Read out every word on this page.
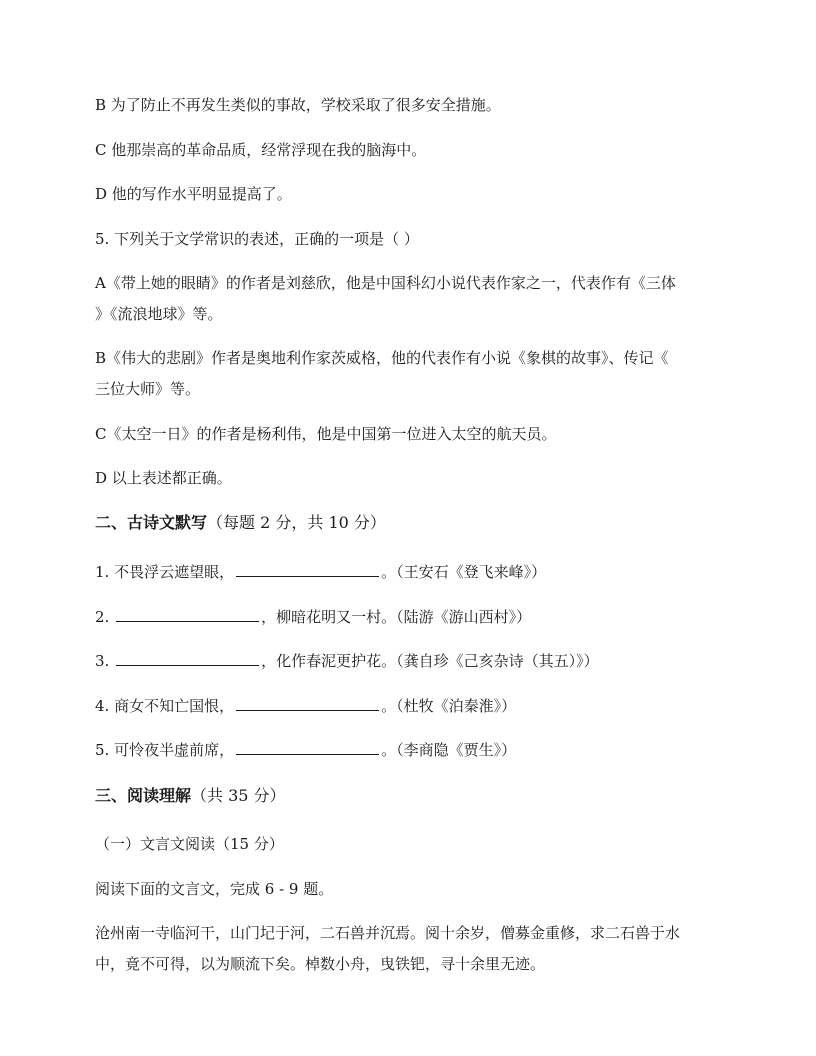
B 为了防止不再发生类似的事故，学校采取了很多安全措施。
C 他那崇高的革命品质，经常浮现在我的脑海中。
D 他的写作水平明显提高了。
5. 下列关于文学常识的表述，正确的一项是（ ）
A《带上她的眼睛》的作者是刘慈欣，他是中国科幻小说代表作家之一，代表作有《三体
》《流浪地球》等。
B《伟大的悲剧》作者是奥地利作家茨威格，他的代表作有小说《象棋的故事》、传记《
三位大师》等。
C《太空一日》的作者是杨利伟，他是中国第一位进入太空的航天员。
D 以上表述都正确。
二、古诗文默写（每题 2 分，共 10 分）
1. 不畏浮云遮望眼，	。（王安石《登飞来峰》）
2.	，柳暗花明又一村。（陆游《游山西村》）
3.	，化作春泥更护花。（龚自珍《己亥杂诗（其五）》）
4. 商女不知亡国恨，	。（杜牧《泊秦淮》）
5. 可怜夜半虚前席，	。（李商隐《贾生》）
三、阅读理解（共 35 分）
（一）文言文阅读（15 分）
阅读下面的文言文，完成 6 - 9 题。
沧州南一寺临河干，山门圮于河，二石兽并沉焉。阅十余岁，僧募金重修，求二石兽于水
中，竟不可得，以为顺流下矣。棹数小舟，曳铁钯，寻十余里无迹。
